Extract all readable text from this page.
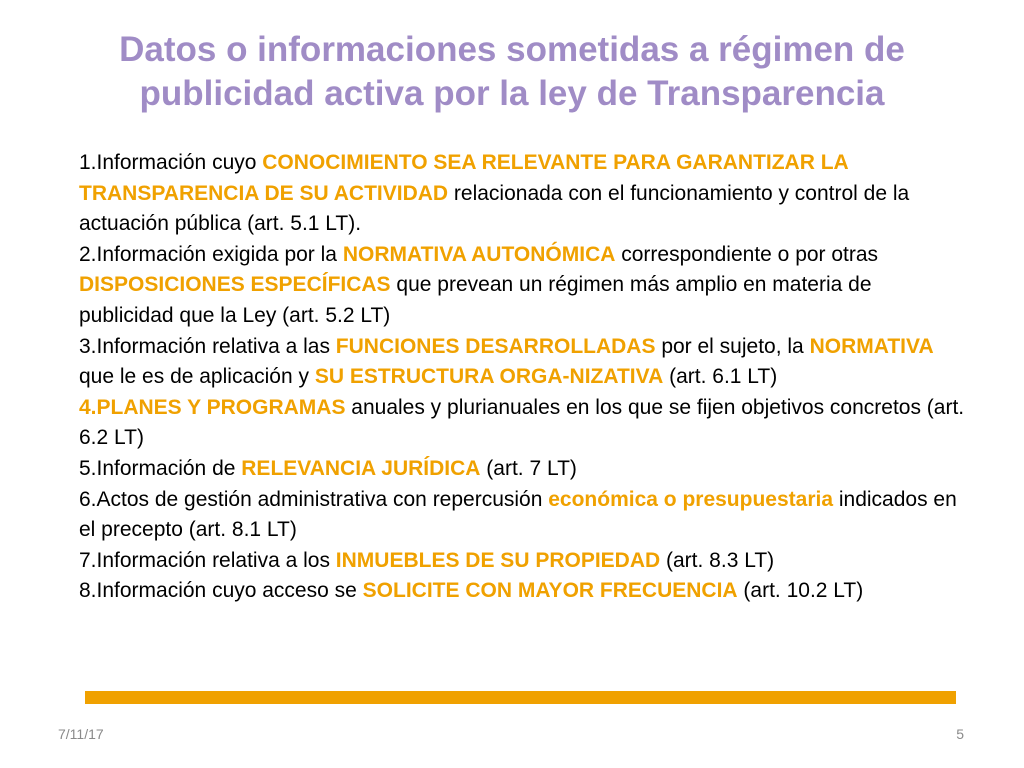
Datos o informaciones sometidas a régimen de
publicidad activa por la ley de Transparencia
1.Información cuyo CONOCIMIENTO SEA RELEVANTE PARA GARANTIZAR LA TRANSPARENCIA DE SU ACTIVIDAD relacionada con el funcionamiento y control de la actuación pública (art. 5.1 LT).
2.Información exigida por la NORMATIVA AUTONÓMICA correspondiente o por otras DISPOSICIONES ESPECÍFICAS que prevean un régimen más amplio en materia de publicidad que la Ley (art. 5.2 LT)
3.Información relativa a las FUNCIONES DESARROLLADAS por el sujeto, la NORMATIVA que le es de aplicación y SU ESTRUCTURA ORGA-NIZATIVA (art. 6.1 LT)
4.PLANES Y PROGRAMAS anuales y plurianuales en los que se fijen objetivos concretos (art. 6.2 LT)
5.Información de RELEVANCIA JURÍDICA (art. 7 LT)
6.Actos de gestión administrativa con repercusión económica o presupuestaria indicados en el precepto (art. 8.1 LT)
7.Información relativa a los INMUEBLES DE SU PROPIEDAD (art. 8.3 LT)
8.Información cuyo acceso se SOLICITE CON MAYOR FRECUENCIA (art. 10.2 LT)
7/11/17	5
